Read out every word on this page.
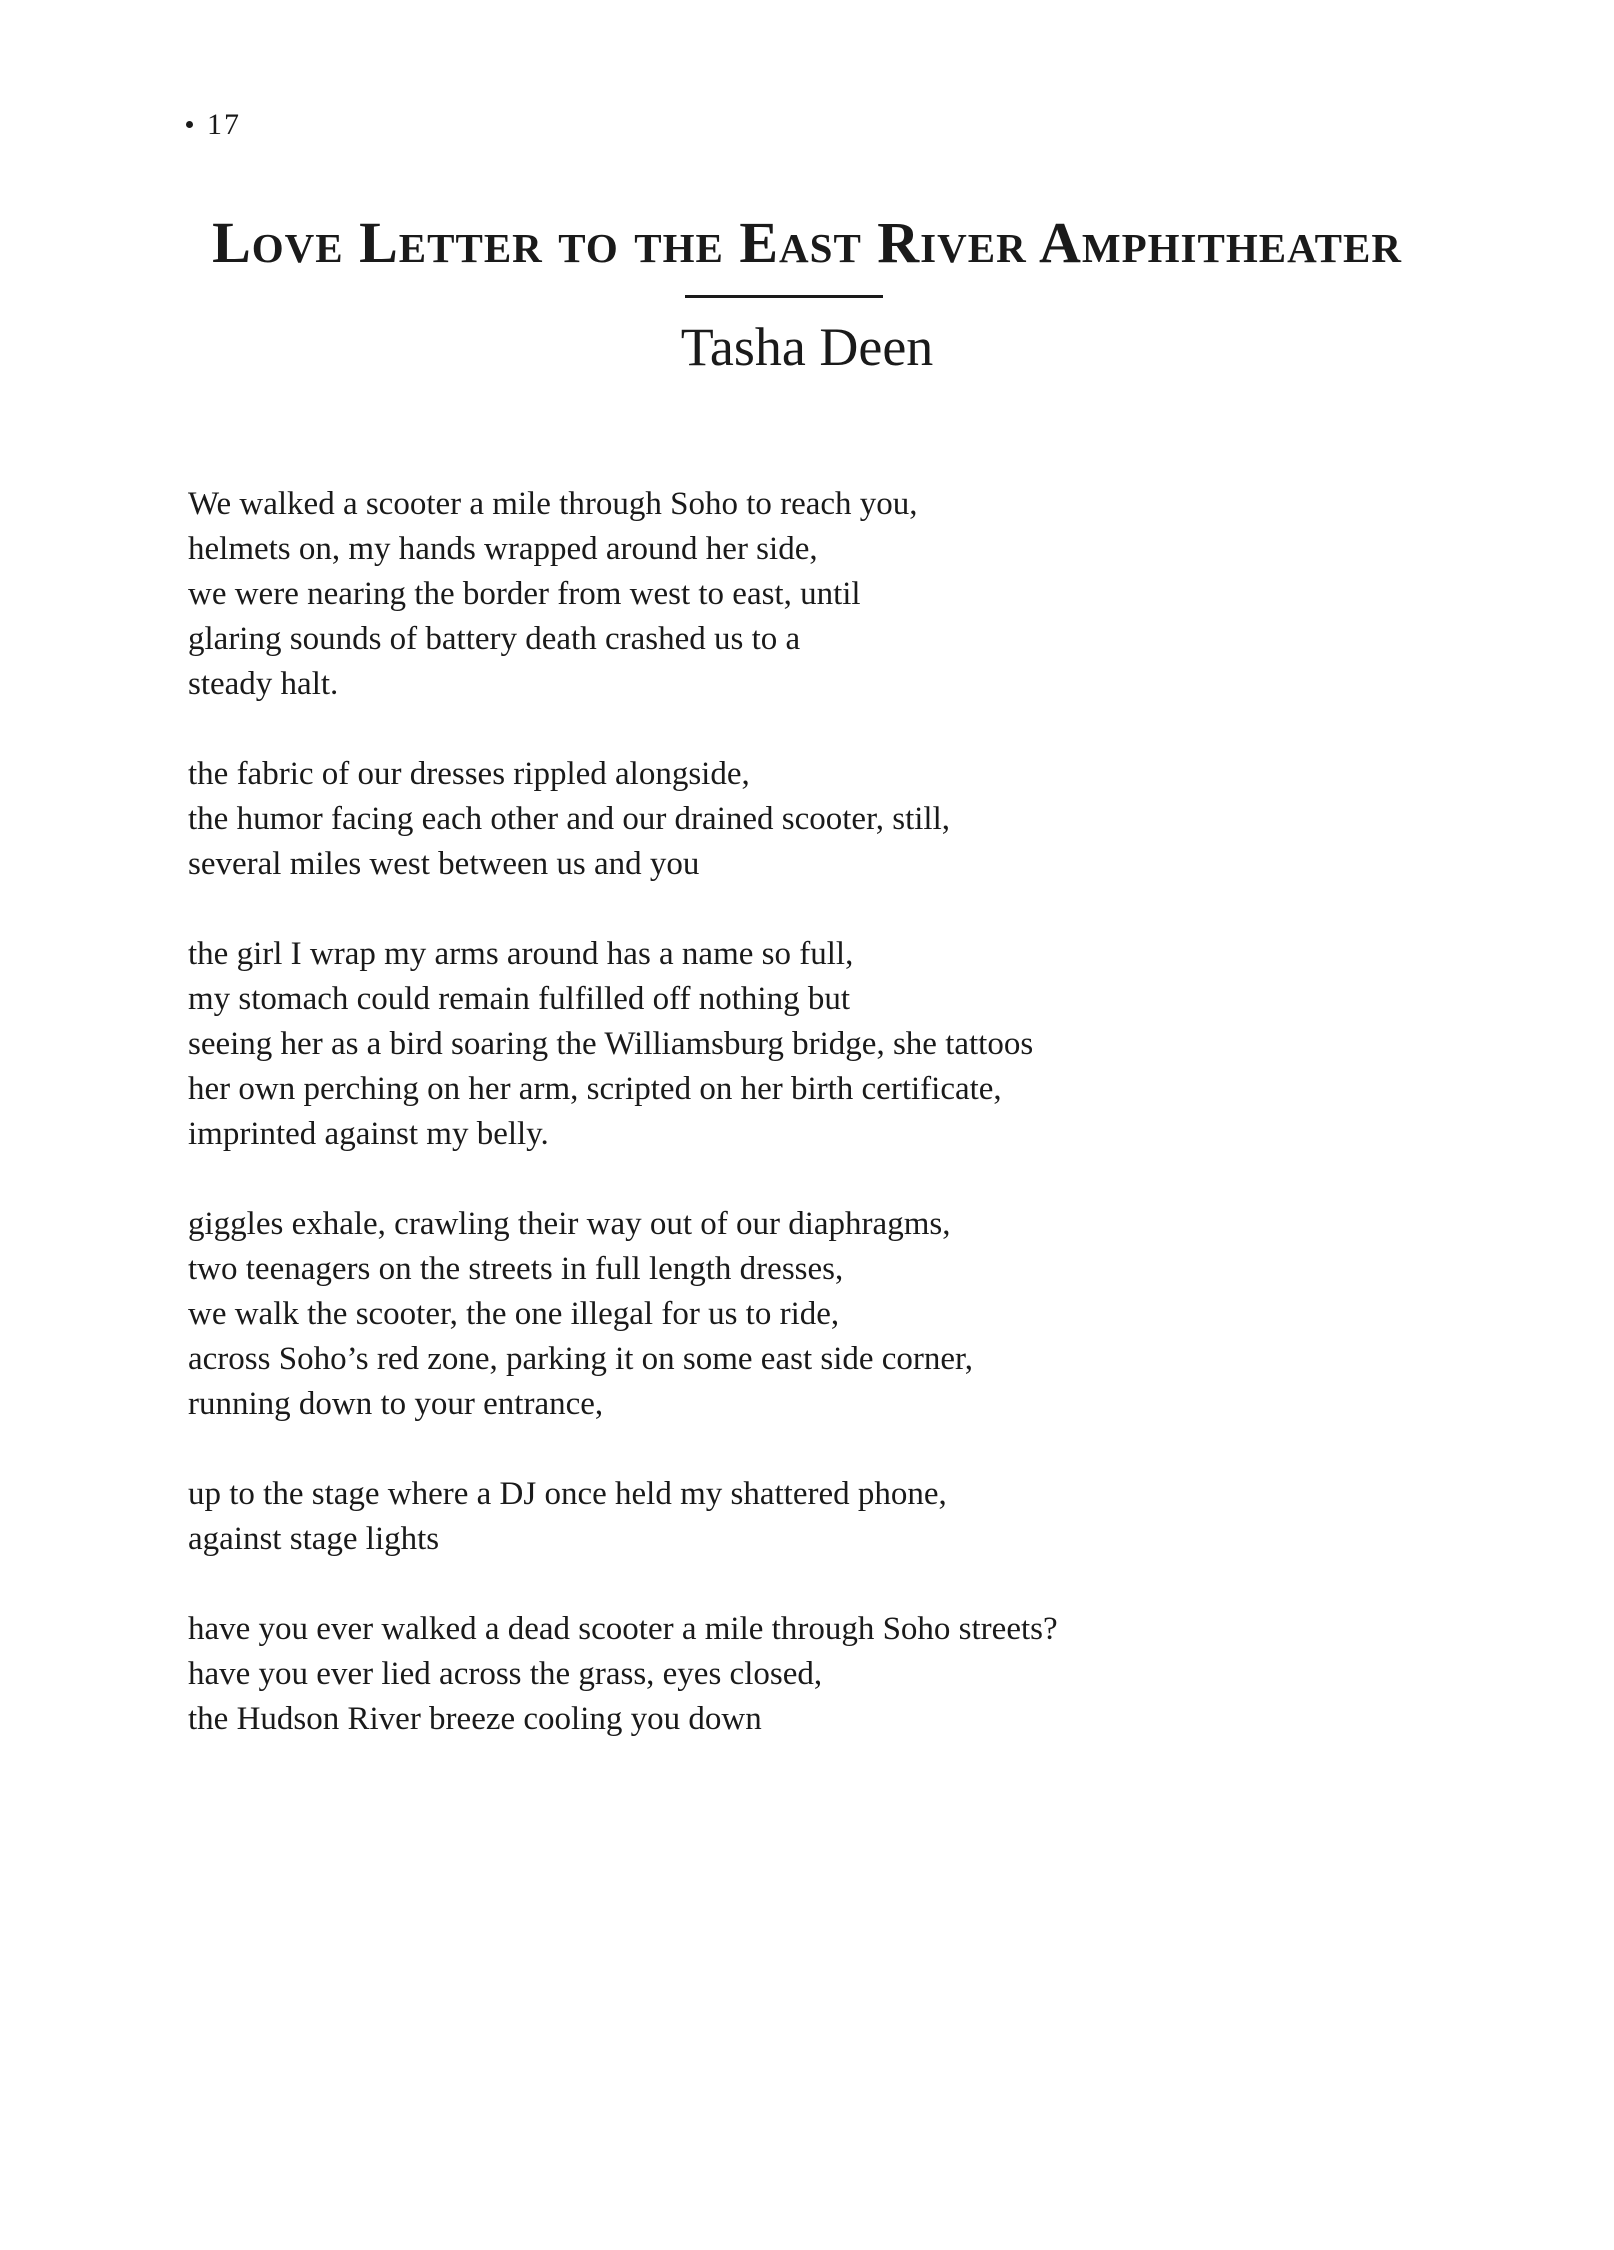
17
Love Letter to the East River Amphitheater
Tasha Deen
We walked a scooter a mile through Soho to reach you,
helmets on, my hands wrapped around her side,
we were nearing the border from west to east, until
glaring sounds of battery death crashed us to a
steady halt.
the fabric of our dresses rippled alongside,
the humor facing each other and our drained scooter, still,
several miles west between us and you
the girl I wrap my arms around has a name so full,
my stomach could remain fulfilled off nothing but
seeing her as a bird soaring the Williamsburg bridge, she tattoos
her own perching on her arm, scripted on her birth certificate,
imprinted against my belly.
giggles exhale, crawling their way out of our diaphragms,
two teenagers on the streets in full length dresses,
we walk the scooter, the one illegal for us to ride,
across Soho’s red zone, parking it on some east side corner,
running down to your entrance,
up to the stage where a DJ once held my shattered phone,
against stage lights
have you ever walked a dead scooter a mile through Soho streets?
have you ever lied across the grass, eyes closed,
the Hudson River breeze cooling you down
